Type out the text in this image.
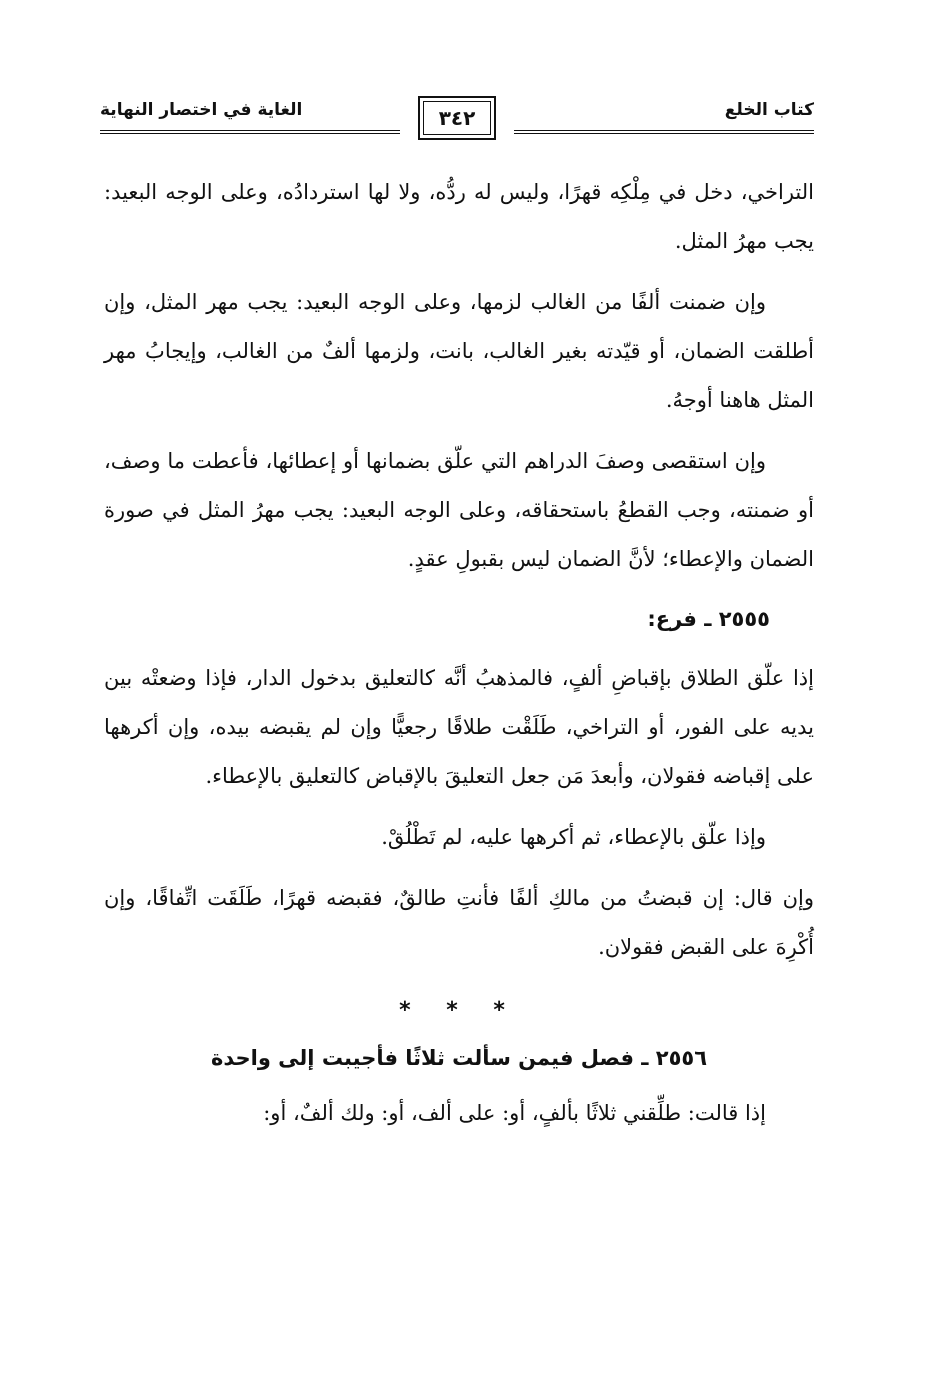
كتاب الخلع
٣٤٢
الغاية في اختصار النهاية

التراخي، دخل في مِلْكِه قهرًا، وليس له ردُّه، ولا لها استردادُه، وعلى الوجه البعيد: يجب مهرُ المثل.

وإن ضمنت ألفًا من الغالب لزمها، وعلى الوجه البعيد: يجب مهر المثل، وإن أطلقت الضمان، أو قيّدته بغير الغالب، بانت، ولزمها ألفٌ من الغالب، وإيجابُ مهر المثل هاهنا أوجهُ.

وإن استقصى وصفَ الدراهم التي علّق بضمانها أو إعطائها، فأعطت ما وصف، أو ضمنته، وجب القطعُ باستحقاقه، وعلى الوجه البعيد: يجب مهرُ المثل في صورة الضمان والإعطاء؛ لأنَّ الضمان ليس بقبولِ عقدٍ.

٢٥٥٥ ـ فرع:

إذا علّق الطلاق بإقباضِ ألفٍ، فالمذهبُ أنَّه كالتعليق بدخول الدار، فإذا وضعتْه بين يديه على الفور، أو التراخي، طَلَقْت طلاقًا رجعيًّا وإن لم يقبضه بيده، وإن أكرهها على إقباضه فقولان، وأبعدَ مَن جعل التعليقَ بالإقباض كالتعليق بالإعطاء.

وإذا علّق بالإعطاء، ثم أكرهها عليه، لم تَطْلُقْ.

وإن قال: إن قبضتُ من مالكِ ألفًا فأنتِ طالقٌ، فقبضه قهرًا، طَلَقَت اتِّفاقًا، وإن أُكْرِهَ على القبض فقولان.

* * *
٢٥٥٦ ـ فصل فيمن سألت ثلاثًا فأجيبت إلى واحدة

إذا قالت: طلِّقني ثلاثًا بألفٍ، أو: على ألف، أو: ولك ألفٌ، أو:
